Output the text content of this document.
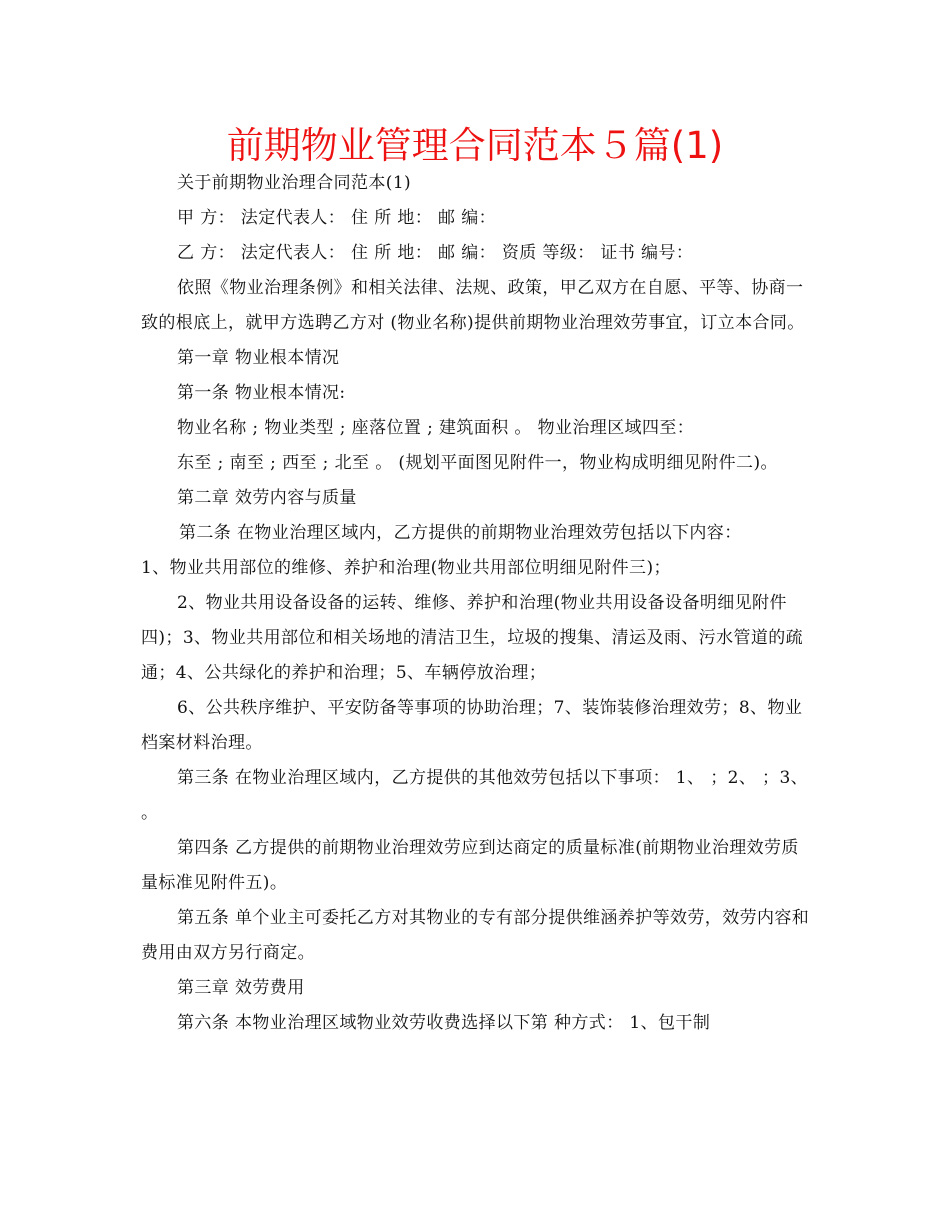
前期物业管理合同范本５篇(1)

关于前期物业治理合同范本(1)

甲 方： 法定代表人： 住 所 地： 邮 编：

乙 方： 法定代表人： 住 所 地： 邮 编： 资质 等级： 证书 编号：

依照《物业治理条例》和相关法律、法规、政策，甲乙双方在自愿、平等、协商一致的根底上，就甲方选聘乙方对 (物业名称)提供前期物业治理效劳事宜，订立本合同。

第一章 物业根本情况

第一条 物业根本情况:

物业名称 ; 物业类型 ; 座落位置 ; 建筑面积 。 物业治理区域四至：

东至 ; 南至 ; 西至 ; 北至 。 (规划平面图见附件一，物业构成明细见附件二)。

第二章 效劳内容与质量

第二条 在物业治理区域内，乙方提供的前期物业治理效劳包括以下内容：

1、物业共用部位的维修、养护和治理(物业共用部位明细见附件三)；

2、物业共用设备设备的运转、维修、养护和治理(物业共用设备设备明细见附件四)；3、物业共用部位和相关场地的清洁卫生，垃圾的搜集、清运及雨、污水管道的疏通；4、公共绿化的养护和治理；5、车辆停放治理；

6、公共秩序维护、平安防备等事项的协助治理；7、装饰装修治理效劳；8、物业档案材料治理。

第三条 在物业治理区域内，乙方提供的其他效劳包括以下事项： 1、 ；2、 ；3、 。

第四条 乙方提供的前期物业治理效劳应到达商定的质量标准(前期物业治理效劳质量标准见附件五)。

第五条 单个业主可委托乙方对其物业的专有部分提供维涵养护等效劳，效劳内容和费用由双方另行商定。

第三章 效劳费用

第六条 本物业治理区域物业效劳收费选择以下第 种方式： 1、包干制
